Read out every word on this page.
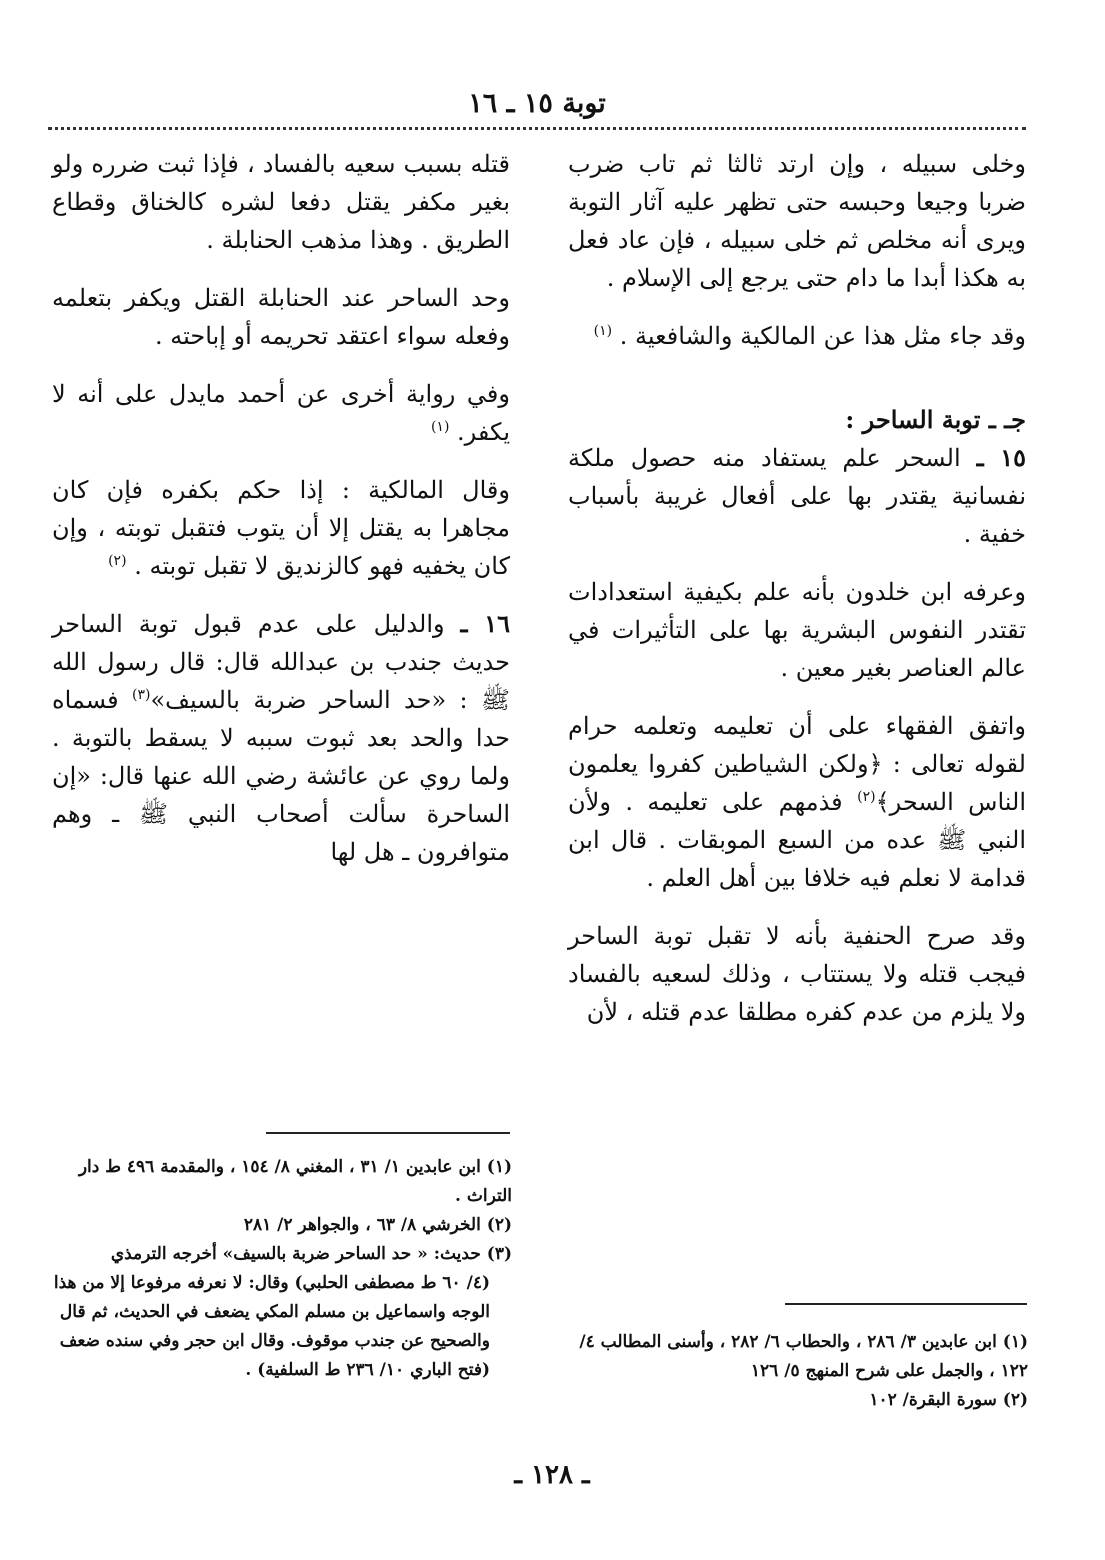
توبة ١٥ ـ ١٦

وخلى سبيله ، وإن ارتد ثالثا ثم تاب ضرب ضربا وجيعا وحبسه حتى تظهر عليه آثار التوبة ويرى أنه مخلص ثم خلى سبيله ، فإن عاد فعل به هكذا أبدا ما دام حتى يرجع إلى الإسلام .

وقد جاء مثل هذا عن المالكية والشافعية . $^{(١)}$

جـ ـ توبة الساحر :

١٥ ـ السحر علم يستفاد منه حصول ملكة نفسانية يقتدر بها على أفعال غريبة بأسباب خفية .

وعرفه ابن خلدون بأنه علم بكيفية استعدادات تقتدر النفوس البشرية بها على التأثيرات في عالم العناصر بغير معين .

واتفق الفقهاء على أن تعليمه وتعلمه حرام لقوله تعالى : ﴿ولكن الشياطين كفروا يعلمون الناس السحر﴾$^{(٢)}$ فذمهم على تعليمه . ولأن النبي ﷺ عده من السبع الموبقات . قال ابن قدامة لا نعلم فيه خلافا بين أهل العلم .

وقد صرح الحنفية بأنه لا تقبل توبة الساحر فيجب قتله ولا يستتاب ، وذلك لسعيه بالفساد ولا يلزم من عدم كفره مطلقا عدم قتله ، لأن

(١) ابن عابدين ٣/ ٢٨٦ ، والحطاب ٦/ ٢٨٢ ، وأسنى المطالب ٤/ ١٢٢ ، والجمل على شرح المنهج ٥/ ١٢٦
(٢) سورة البقرة/ ١٠٢

قتله بسبب سعيه بالفساد ، فإذا ثبت ضرره ولو بغير مكفر يقتل دفعا لشره كالخناق وقطاع الطريق . وهذا مذهب الحنابلة .

وحد الساحر عند الحنابلة القتل ويكفر بتعلمه وفعله سواء اعتقد تحريمه أو إباحته .

وفي رواية أخرى عن أحمد مايدل على أنه لا يكفر. $^{(١)}$

وقال المالكية : إذا حكم بكفره فإن كان مجاهرا به يقتل إلا أن يتوب فتقبل توبته ، وإن كان يخفيه فهو كالزنديق لا تقبل توبته . $^{(٢)}$

١٦ ـ والدليل على عدم قبول توبة الساحر حديث جندب بن عبدالله قال: قال رسول الله ﷺ : «حد الساحر ضربة بالسيف»$^{(٣)}$ فسماه حدا والحد بعد ثبوت سببه لا يسقط بالتوبة . ولما روي عن عائشة رضي الله عنها قال: «إن الساحرة سألت أصحاب النبي ﷺ ـ وهم متوافرون ـ هل لها

(١) ابن عابدين ١/ ٣١ ، المغني ٨/ ١٥٤ ، والمقدمة ٤٩٦ ط دار التراث .
(٢) الخرشي ٨/ ٦٣ ، والجواهر ٢/ ٢٨١
(٣) حديث: « حد الساحر ضربة بالسيف» أخرجه الترمذي
(٤/ ٦٠ ط مصطفى الحلبي) وقال: لا نعرفه مرفوعا إلا من هذا الوجه واسماعيل بن مسلم المكي يضعف في الحديث، ثم قال والصحيح عن جندب موقوف. وقال ابن حجر وفي سنده ضعف (فتح الباري ١٠/ ٢٣٦ ط السلفية) .
ـ ١٢٨ ـ
